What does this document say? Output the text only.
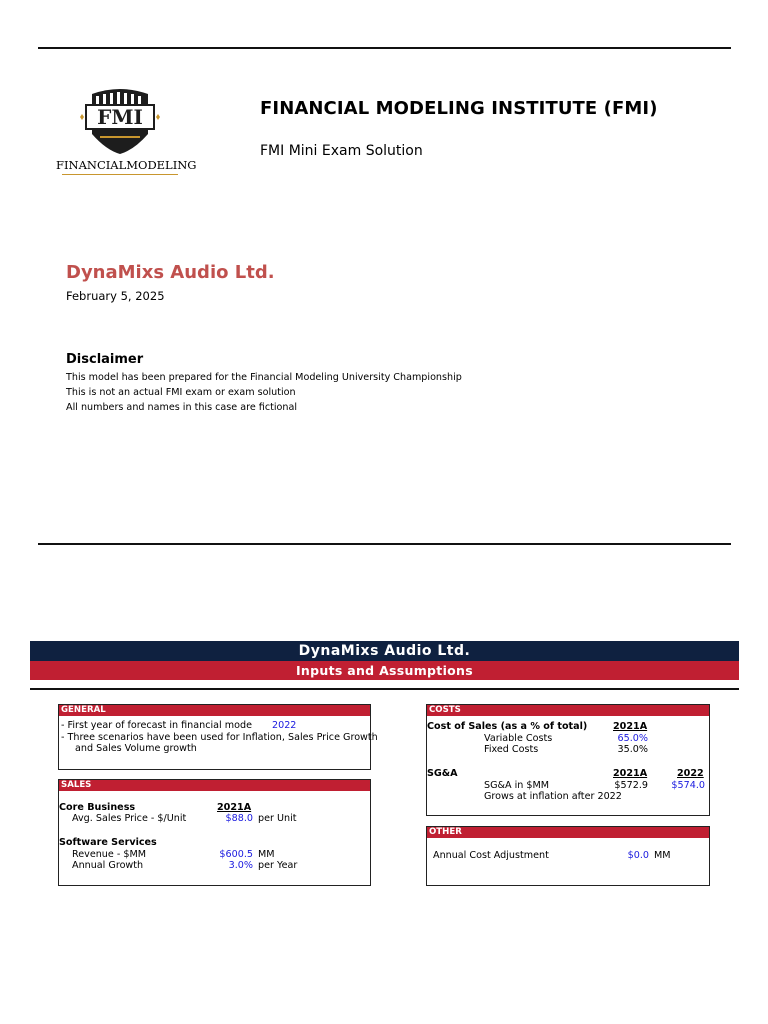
FMI
FINANCIALMODELING
FINANCIAL MODELING INSTITUTE (FMI)
FMI Mini Exam Solution
DynaMixs Audio Ltd.
February 5, 2025
Disclaimer
This model has been prepared for the Financial Modeling University Championship
This is not an actual FMI exam or exam solution
All numbers and names in this case are fictional
DynaMixs Audio Ltd.
Inputs and Assumptions
GENERAL
- First year of forecast in financial mode 2022
- Three scenarios have been used for Inflation, Sales Price Growth
and Sales Volume growth
SALES
Core Business	2021A
Avg. Sales Price - $/Unit	$88.0 per Unit
Software Services
Revenue - $MM	$600.5 MM
Annual Growth	3.0% per Year
COSTS
Cost of Sales (as a % of total)	2021A
Variable Costs	65.0%
Fixed Costs	35.0%
SG&A	2021A	2022
SG&A in $MM	$572.9	$574.0
Grows at inflation after 2022
OTHER
Annual Cost Adjustment	$0.0 MM
